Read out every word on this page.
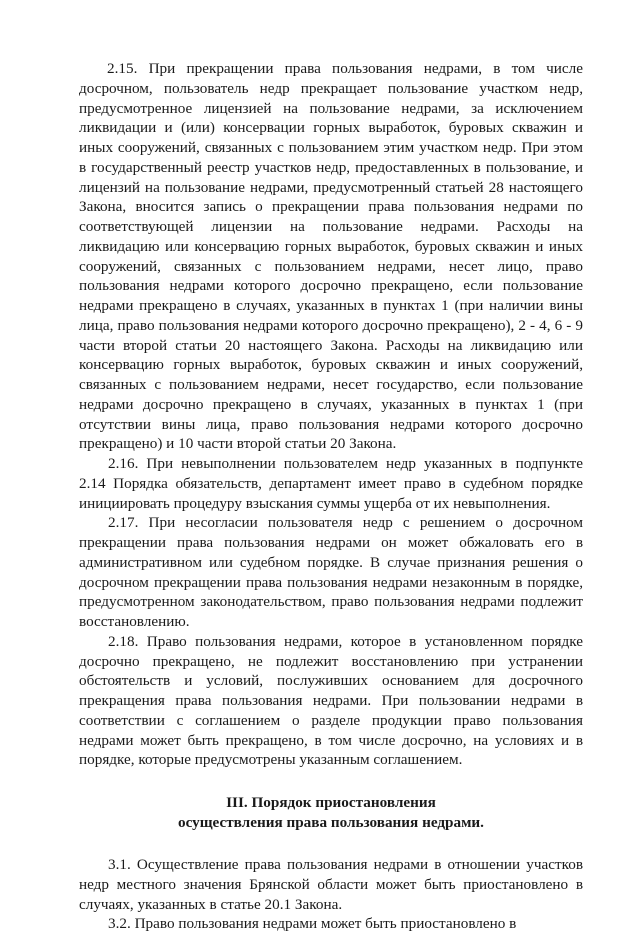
2.15. При прекращении права пользования недрами, в том числе досрочном, пользователь недр прекращает пользование участком недр, предусмотренное лицензией на пользование недрами, за исключением ликвидации и (или) консервации горных выработок, буровых скважин и иных сооружений, связанных с пользованием этим участком недр. При этом в государственный реестр участков недр, предоставленных в пользование, и лицензий на пользование недрами, предусмотренный статьей 28 настоящего Закона, вносится запись о прекращении права пользования недрами по соответствующей лицензии на пользование недрами. Расходы на ликвидацию или консервацию горных выработок, буровых скважин и иных сооружений, связанных с пользованием недрами, несет лицо, право пользования недрами которого досрочно прекращено, если пользование недрами прекращено в случаях, указанных в пунктах 1 (при наличии вины лица, право пользования недрами которого досрочно прекращено), 2 - 4, 6 - 9 части второй статьи 20 настоящего Закона. Расходы на ликвидацию или консервацию горных выработок, буровых скважин и иных сооружений, связанных с пользованием недрами, несет государство, если пользование недрами досрочно прекращено в случаях, указанных в пунктах 1 (при отсутствии вины лица, право пользования недрами которого досрочно прекращено) и 10 части второй статьи 20 Закона.

2.16. При невыполнении пользователем недр указанных в подпункте 2.14 Порядка обязательств, департамент имеет право в судебном порядке инициировать процедуру взыскания суммы ущерба от их невыполнения.

2.17. При несогласии пользователя недр с решением о досрочном прекращении права пользования недрами он может обжаловать его в административном или судебном порядке. В случае признания решения о досрочном прекращении права пользования недрами незаконным в порядке, предусмотренном законодательством, право пользования недрами подлежит восстановлению.

2.18. Право пользования недрами, которое в установленном порядке досрочно прекращено, не подлежит восстановлению при устранении обстоятельств и условий, послуживших основанием для досрочного прекращения права пользования недрами. При пользовании недрами в соответствии с соглашением о разделе продукции право пользования недрами может быть прекращено, в том числе досрочно, на условиях и в порядке, которые предусмотрены указанным соглашением.

III. Порядок приостановления
осуществления права пользования недрами.

3.1. Осуществление права пользования недрами в отношении участков недр местного значения Брянской области может быть приостановлено в случаях, указанных в статье 20.1 Закона.

3.2. Право пользования недрами может быть приостановлено в
